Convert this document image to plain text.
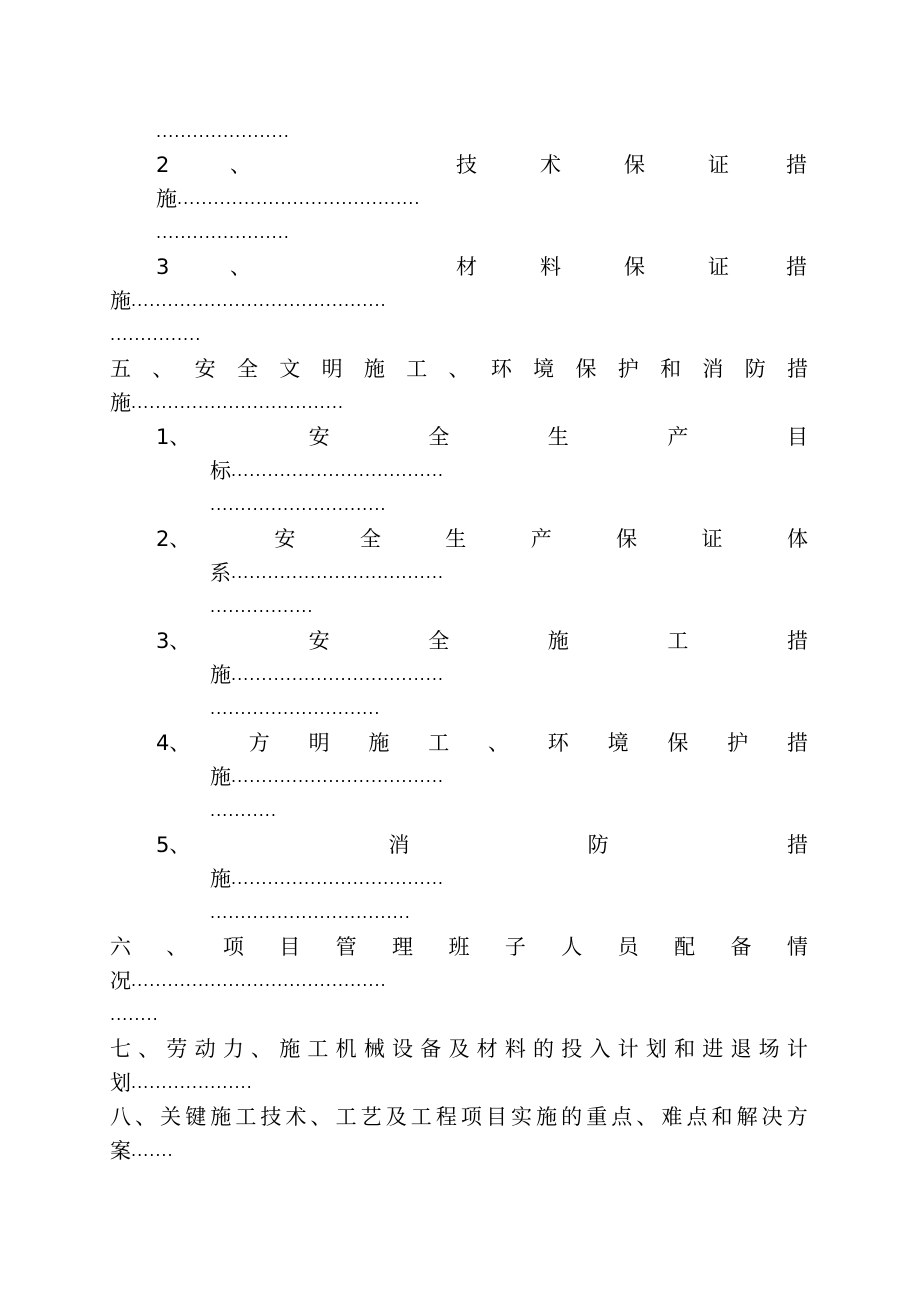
......................
2	、	技	术	保	证	措
施 ........................................
......................
3	、	材	料	保	证	措
施 ..........................................
...............
五 、 安 全 文 明 施 工 、 环 境 保 护 和 消 防 措
施 ...................................
1、	安	全	生	产	目
标 ...................................
.............................
2、	安	全	生	产	保	证	体
系 ...................................
.................
3、	安	全	施	工	措
施 ...................................
............................
4、	方 明 施 工 、 环 境 保 护 措
施 ...................................
...........
5、	消	防	措
施 ...................................
.................................
六 、 项 目 管 理 班 子 人 员 配 备 情
况 ..........................................
........
七 、 劳 动 力 、 施 工 机 械 设 备 及 材 料 的 投 入 计 划 和 进 退 场 计
划 ....................
八 、 关 键 施 工 技 术 、 工 艺 及 工 程 项 目 实 施 的 重 点 、 难 点 和 解 决 方
案 .......
